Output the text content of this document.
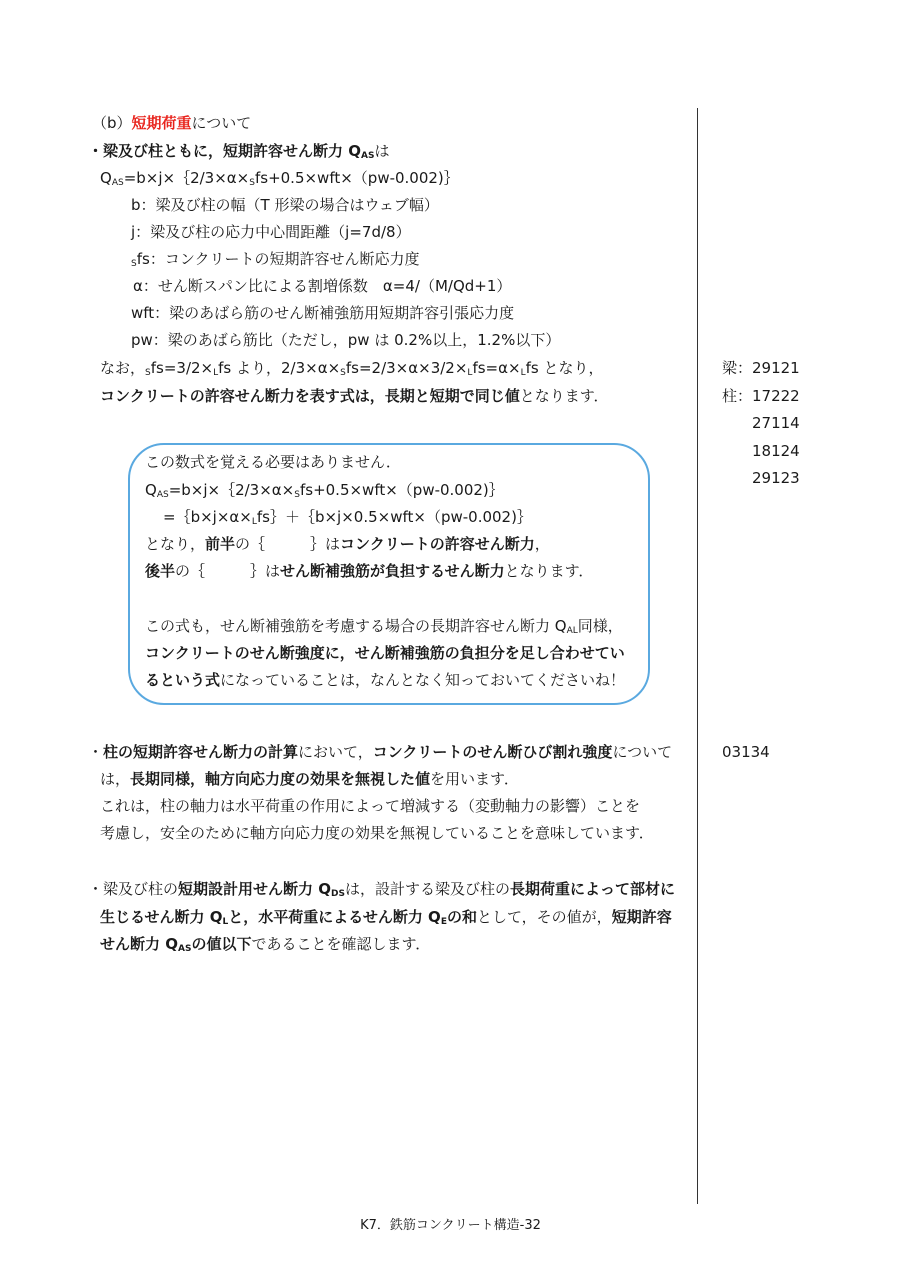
（b）短期荷重について
・梁及び柱ともに，短期許容せん断力 $Q_{AS}$は
$Q_{AS}=b\times j\times\{2/3\times\alpha\times_Sfs+0.5\times wft\times(pw-0.002)\}$
b：梁及び柱の幅（T 形梁の場合はウェブ幅）
j：梁及び柱の応力中心間距離（j=7d/8）
$_S$fs：コンクリートの短期許容せん断応力度
α：せん断スパン比による割増係数　α=4/（M/Qd+1）
wft：梁のあばら筋のせん断補強筋用短期許容引張応力度
pw：梁のあばら筋比（ただし，pw は 0.2%以上，1.2%以下）
なお，$_Sfs=3/2\times_Lfs$ より，$2/3\times\alpha\times_Sfs=2/3\times\alpha\times 3/2\times_Lfs=\alpha\times_Lfs$ となり，
コンクリートの許容せん断力を表す式は，長期と短期で同じ値となります．
梁：29121
柱：17222
27114
18124
29123
この数式を覚える必要はありません．
$Q_{AS}=b\times j\times\{2/3\times\alpha\times_Sfs+0.5\times wft\times(pw-0.002)\}$
$=\{b\times j\times\alpha\times_Lfs\}+\{b\times j\times 0.5\times wft\times(pw-0.002)\}$
となり，前半の｛　　　｝はコンクリートの許容せん断力，
後半の｛　　　｝はせん断補強筋が負担するせん断力となります．
この式も，せん断補強筋を考慮する場合の長期許容せん断力 $Q_{AL}$同様，
コンクリートのせん断強度に，せん断補強筋の負担分を足し合わせてい
るという式になっていることは，なんとなく知っておいてくださいね！
・柱の短期許容せん断力の計算において，コンクリートのせん断ひび割れ強度について
は，長期同様，軸方向応力度の効果を無視した値を用います．
これは，柱の軸力は水平荷重の作用によって増減する（変動軸力の影響）ことを
考慮し，安全のために軸方向応力度の効果を無視していることを意味しています．
03134
・梁及び柱の短期設計用せん断力 $Q_{DS}$は，設計する梁及び柱の長期荷重によって部材に
生じるせん断力 $Q_L$と，水平荷重によるせん断力 $Q_E$の和として，その値が，短期許容
せん断力 $Q_{AS}$の値以下であることを確認します．
K7．鉄筋コンクリート構造-32
